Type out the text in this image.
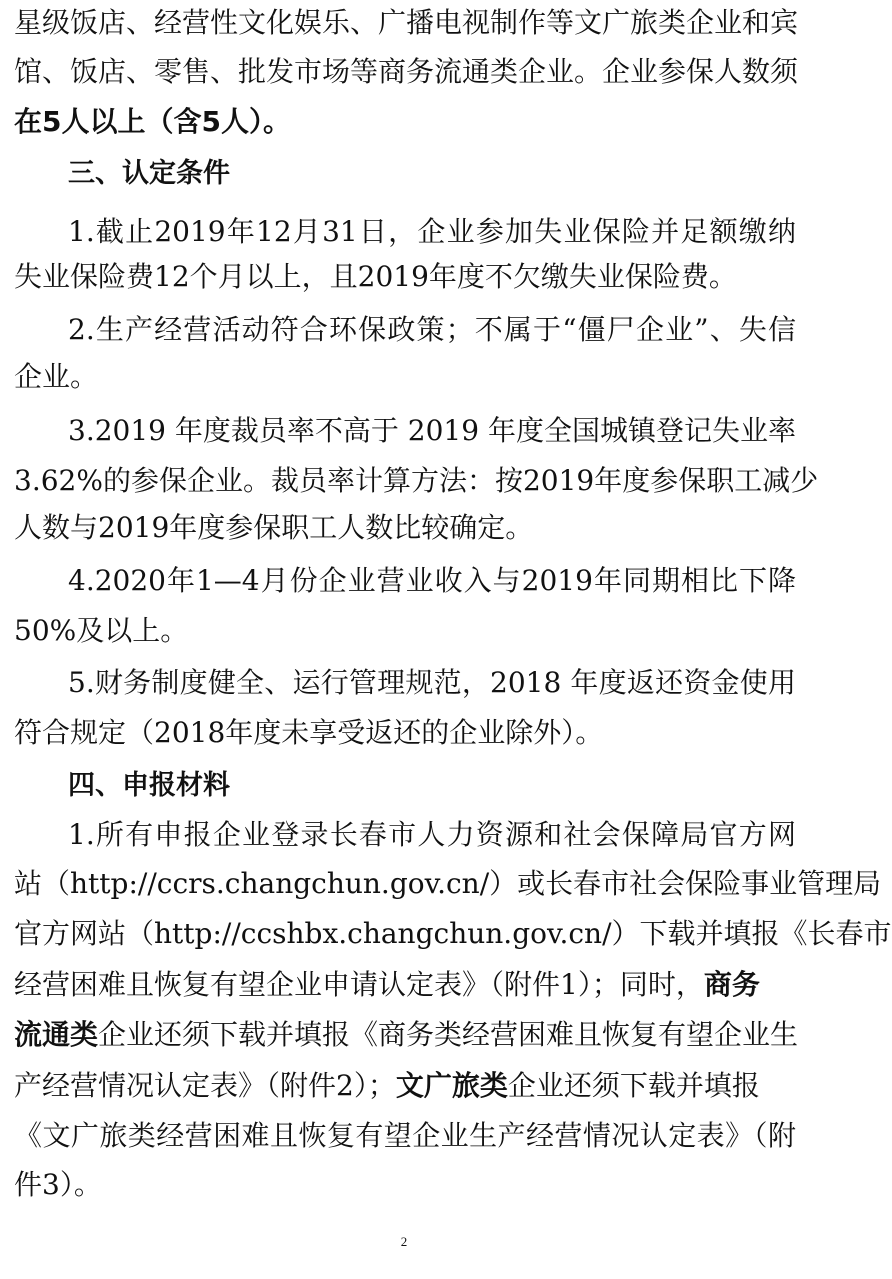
星级饭店、经营性文化娱乐、广播电视制作等文广旅类企业和宾
馆、饭店、零售、批发市场等商务流通类企业。企业参保人数须
在5人以上（含5人）。
三、认定条件
1.截止2019年12月31日，企业参加失业保险并足额缴纳
失业保险费12个月以上，且2019年度不欠缴失业保险费。
2.生产经营活动符合环保政策；不属于“僵尸企业”、失信
企业。
3.2019 年度裁员率不高于 2019 年度全国城镇登记失业率
3.62%的参保企业。裁员率计算方法：按2019年度参保职工减少
人数与2019年度参保职工人数比较确定。
4.2020年1—4月份企业营业收入与2019年同期相比下降
50%及以上。
5.财务制度健全、运行管理规范，2018 年度返还资金使用
符合规定（2018年度未享受返还的企业除外）。
四、申报材料
1.所有申报企业登录长春市人力资源和社会保障局官方网
站（http://ccrs.changchun.gov.cn/）或长春市社会保险事业管理局
官方网站（http://ccshbx.changchun.gov.cn/）下载并填报《长春市
经营困难且恢复有望企业申请认定表》（附件1）；同时，商务
流通类企业还须下载并填报《商务类经营困难且恢复有望企业生
产经营情况认定表》（附件2）；文广旅类企业还须下载并填报
《文广旅类经营困难且恢复有望企业生产经营情况认定表》（附
件3）。
2
